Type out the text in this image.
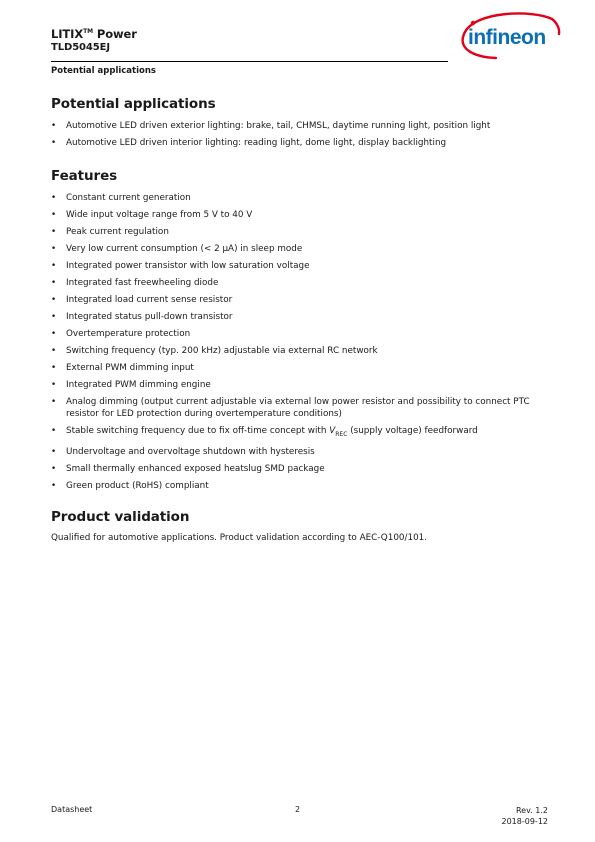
LITIX™ Power
TLD5045EJ
Potential applications
infineon
Potential applications
• Automotive LED driven exterior lighting: brake, tail, CHMSL, daytime running light, position light
• Automotive LED driven interior lighting: reading light, dome light, display backlighting
Features
• Constant current generation
• Wide input voltage range from 5 V to 40 V
• Peak current regulation
• Very low current consumption (< 2 µA) in sleep mode
• Integrated power transistor with low saturation voltage
• Integrated fast freewheeling diode
• Integrated load current sense resistor
• Integrated status pull-down transistor
• Overtemperature protection
• Switching frequency (typ. 200 kHz) adjustable via external RC network
• External PWM dimming input
• Integrated PWM dimming engine
• Analog dimming (output current adjustable via external low power resistor and possibility to connect PTC resistor for LED protection during overtemperature conditions)
• Stable switching frequency due to fix off-time concept with $V_{REC}$ (supply voltage) feedforward
• Undervoltage and overvoltage shutdown with hysteresis
• Small thermally enhanced exposed heatslug SMD package
• Green product (RoHS) compliant
Product validation
Qualified for automotive applications. Product validation according to AEC-Q100/101.
Datasheet	2	Rev. 1.2
2018-09-12
